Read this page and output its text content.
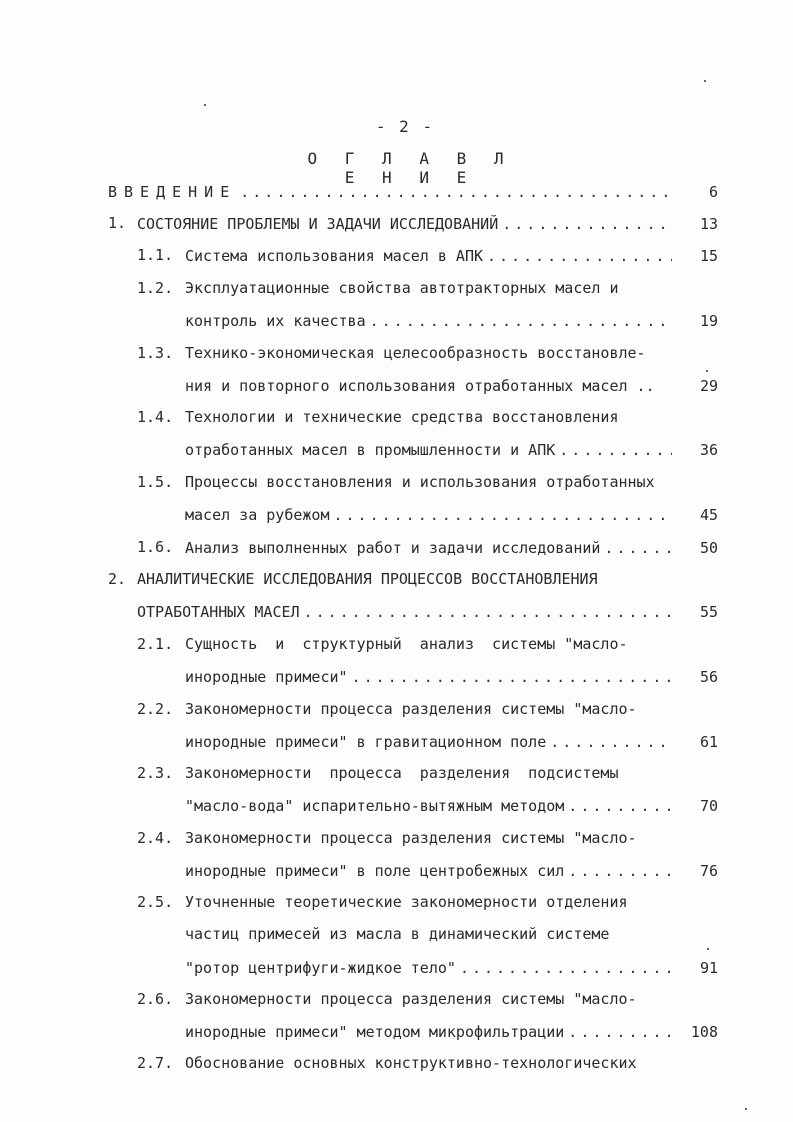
- 2 -
О Г Л А В Л Е Н И Е
ВВЕДЕНИЕ .....	6
1. СОСТОЯНИЕ ПРОБЛЕМЫ И ЗАДАЧИ ИССЛЕДОВАНИЙ .....	13
1.1. Система использования масел в АПК .....	15
1.2. Эксплуатационные свойства автотракторных масел и
контроль их качества .....	19
1.3. Технико-экономическая целесообразность восстановле-
ния и повторного использования отработанных масел ..	29
1.4. Технологии и технические средства восстановления
отработанных масел в промышленности и АПК .....	36
1.5. Процессы восстановления и использования отработанных
масел за рубежом .....	45
1.6. Анализ выполненных работ и задачи исследований .....	50
2. АНАЛИТИЧЕСКИЕ ИССЛЕДОВАНИЯ ПРОЦЕССОВ ВОССТАНОВЛЕНИЯ
ОТРАБОТАННЫХ МАСЕЛ .....	55
2.1. Сущность  и  структурный  анализ  системы "масло-
инородные примеси" .....	56
2.2. Закономерности процесса разделения системы "масло-
инородные примеси" в гравитационном поле .....	61
2.3. Закономерности  процесса  разделения  подсистемы
"масло-вода" испарительно-вытяжным методом .....	70
2.4. Закономерности процесса разделения системы "масло-
инородные примеси" в поле центробежных сил .....	76
2.5. Уточненные теоретические закономерности отделения
частиц примесей из масла в динамический системе
"ротор центрифуги-жидкое тело" .....	91
2.6. Закономерности процесса разделения системы "масло-
инородные примеси" методом микрофильтрации .....	108
2.7. Обоснование основных конструктивно-технологических
